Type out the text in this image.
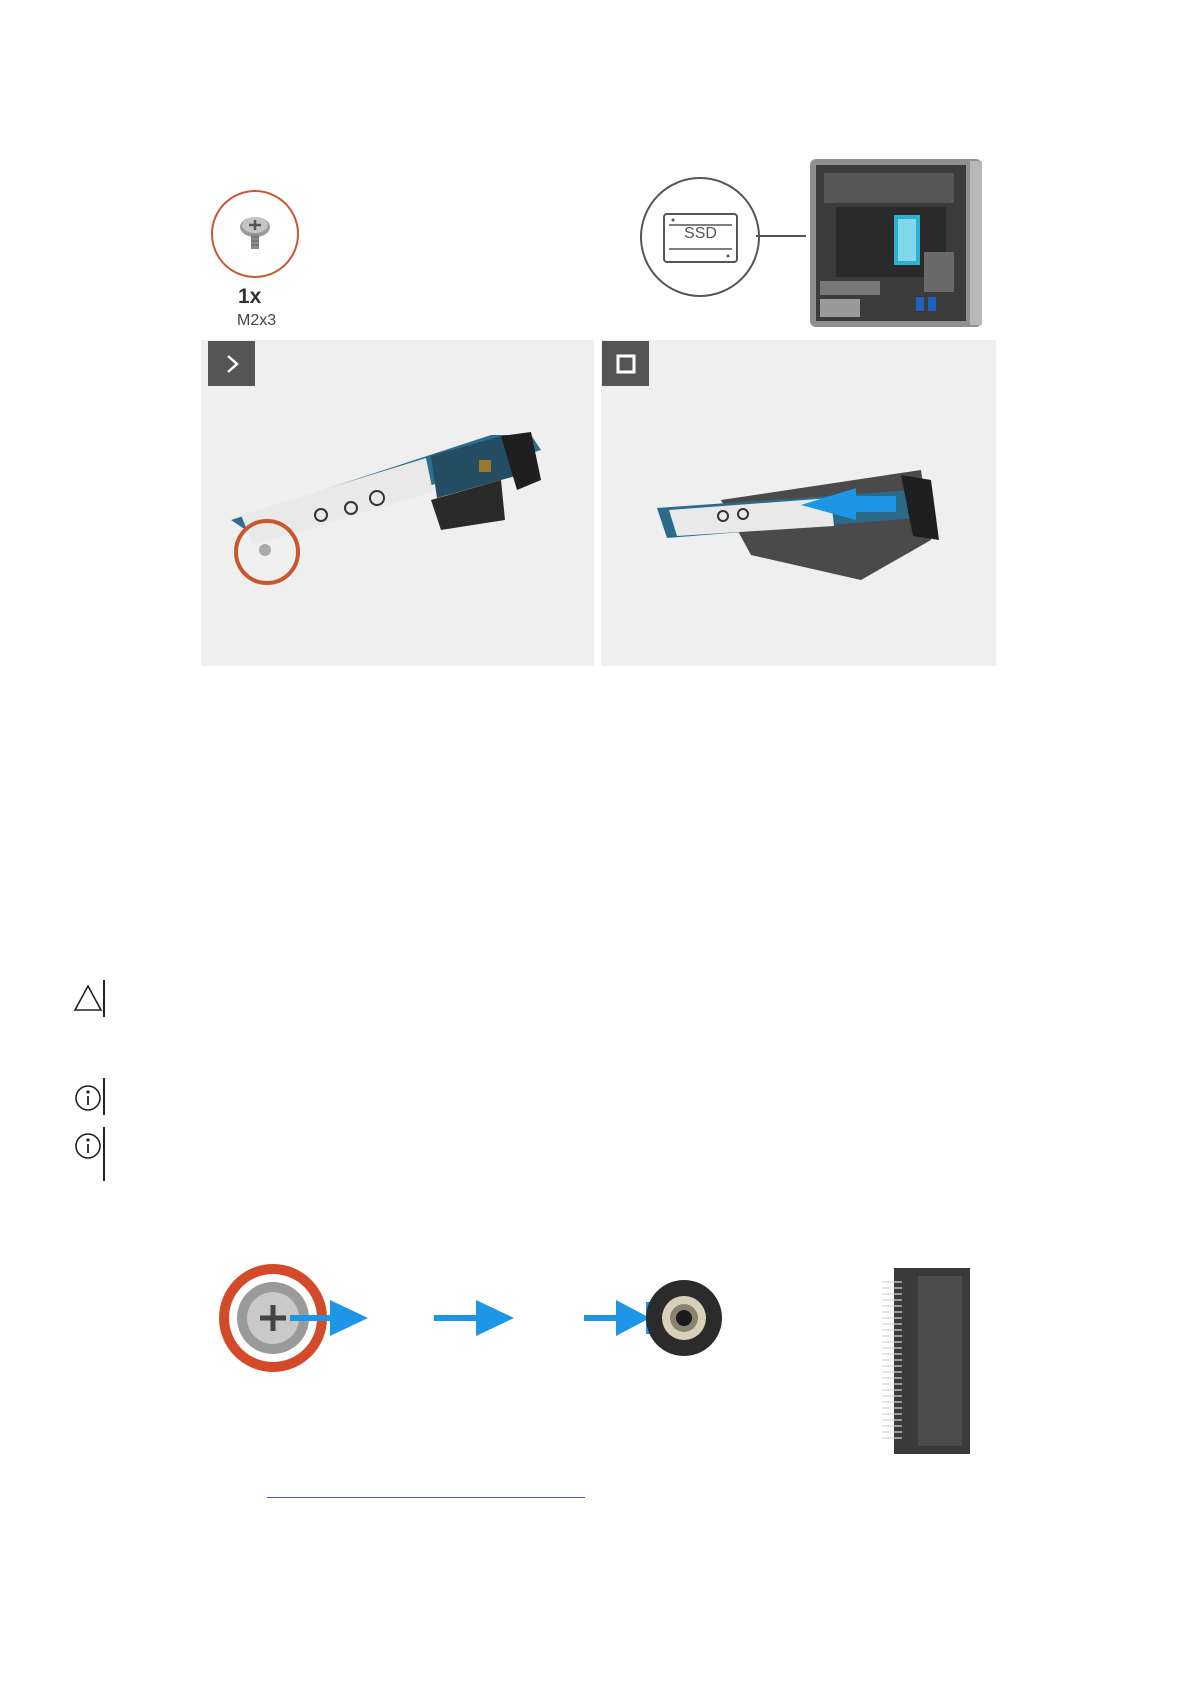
1x
M2x3
SSD
